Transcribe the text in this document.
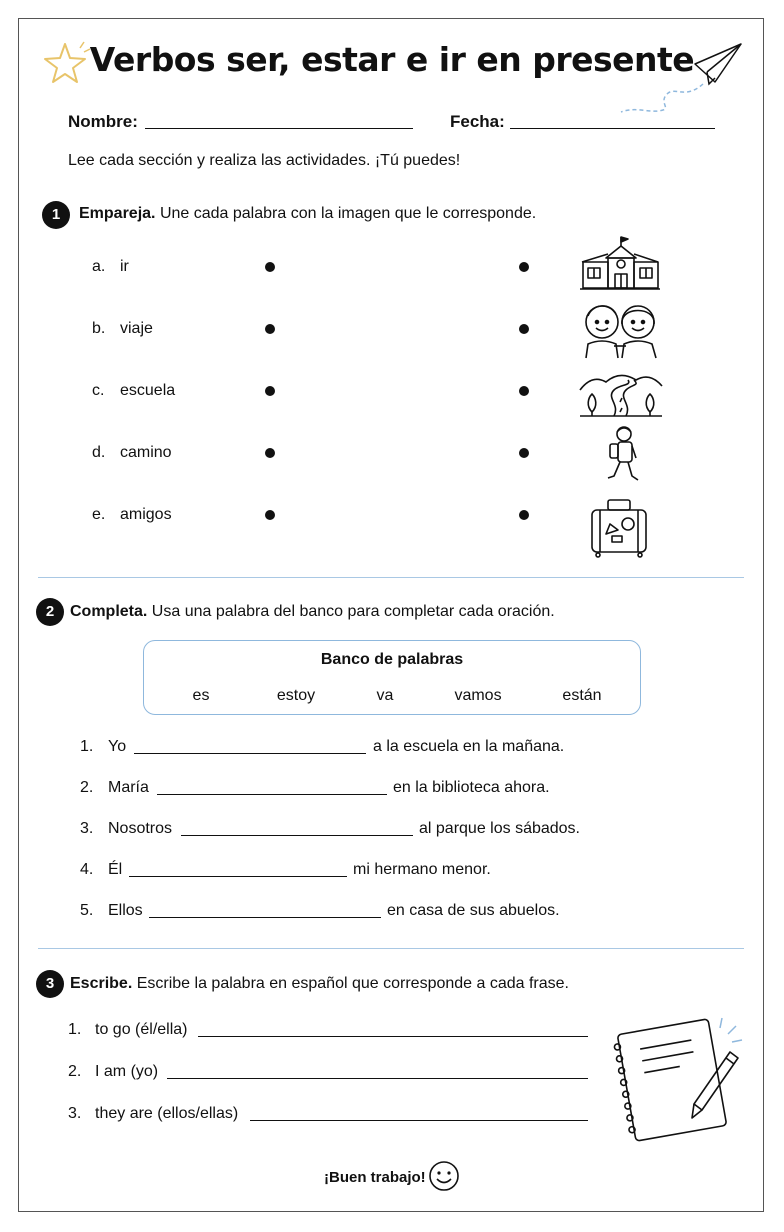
Verbos ser, estar e ir en presente
Nombre:	Fecha:
Lee cada sección y realiza las actividades. ¡Tú puedes!
1	Empareja. Une cada palabra con la imagen que le corresponde.
a. ir
b. viaje
c. escuela
d. camino
e. amigos
2 Completa. Usa una palabra del banco para completar cada oración.
Banco de palabras
es	estoy	va	vamos	están
1. Yo	a la escuela en la mañana.
2. María	en la biblioteca ahora.
3. Nosotros	al parque los sábados.
4. Él	mi hermano menor.
5. Ellos	en casa de sus abuelos.
3 Escribe. Escribe la palabra en español que corresponde a cada frase.
1. to go (él/ella)
2. I am (yo)
3. they are (ellos/ellas)
¡Buen trabajo!
